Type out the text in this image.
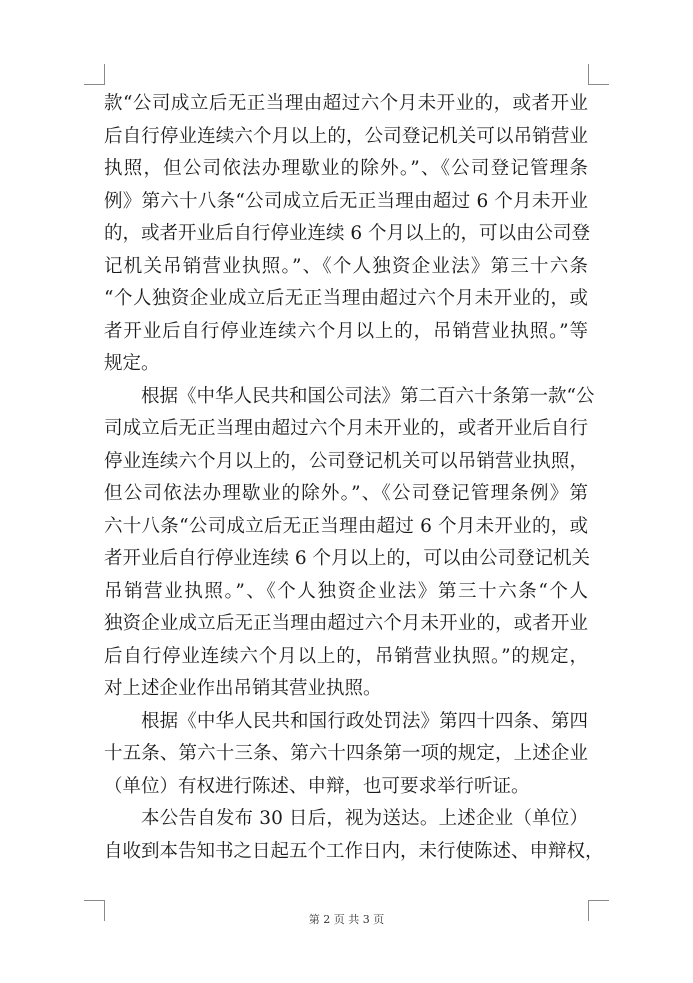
款“公司成立后无正当理由超过六个月未开业的，或者开业
后自行停业连续六个月以上的，公司登记机关可以吊销营业
执照，但公司依法办理歇业的除外。”、《公司登记管理条
例》第六十八条“公司成立后无正当理由超过 6 个月未开业
的，或者开业后自行停业连续 6 个月以上的，可以由公司登
记机关吊销营业执照。”、《个人独资企业法》第三十六条
“个人独资企业成立后无正当理由超过六个月未开业的，或
者开业后自行停业连续六个月以上的，吊销营业执照。”等
规定。
根据《中华人民共和国公司法》第二百六十条第一款“公
司成立后无正当理由超过六个月未开业的，或者开业后自行
停业连续六个月以上的，公司登记机关可以吊销营业执照，
但公司依法办理歇业的除外。”、《公司登记管理条例》第
六十八条“公司成立后无正当理由超过 6 个月未开业的，或
者开业后自行停业连续 6 个月以上的，可以由公司登记机关
吊销营业执照。”、《个人独资企业法》第三十六条“个人
独资企业成立后无正当理由超过六个月未开业的，或者开业
后自行停业连续六个月以上的，吊销营业执照。”的规定，
对上述企业作出吊销其营业执照。
根据《中华人民共和国行政处罚法》第四十四条、第四
十五条、第六十三条、第六十四条第一项的规定，上述企业
（单位）有权进行陈述、申辩，也可要求举行听证。
本公告自发布 30 日后，视为送达。上述企业（单位）
自收到本告知书之日起五个工作日内，未行使陈述、申辩权，
第 2 页 共 3 页
